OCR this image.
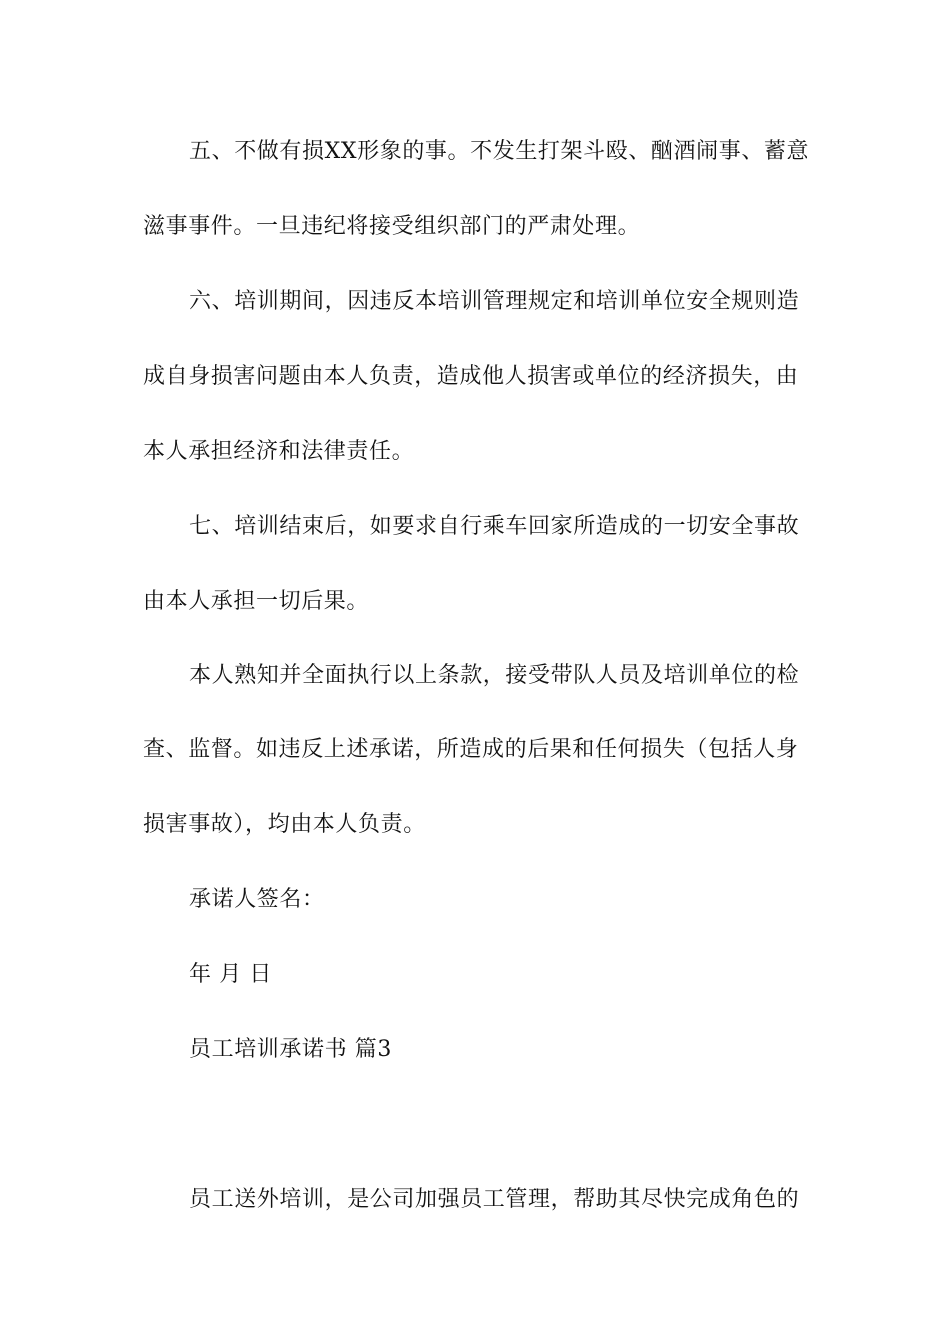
五、不做有损XX形象的事。不发生打架斗殴、酗酒闹事、蓄意
滋事事件。一旦违纪将接受组织部门的严肃处理。
六、培训期间，因违反本培训管理规定和培训单位安全规则造
成自身损害问题由本人负责，造成他人损害或单位的经济损失，由
本人承担经济和法律责任。
七、培训结束后，如要求自行乘车回家所造成的一切安全事故
由本人承担一切后果。
本人熟知并全面执行以上条款，接受带队人员及培训单位的检
查、监督。如违反上述承诺，所造成的后果和任何损失（包括人身
损害事故），均由本人负责。
承诺人签名：
年 月 日
员工培训承诺书 篇3
员工送外培训，是公司加强员工管理，帮助其尽快完成角色的
